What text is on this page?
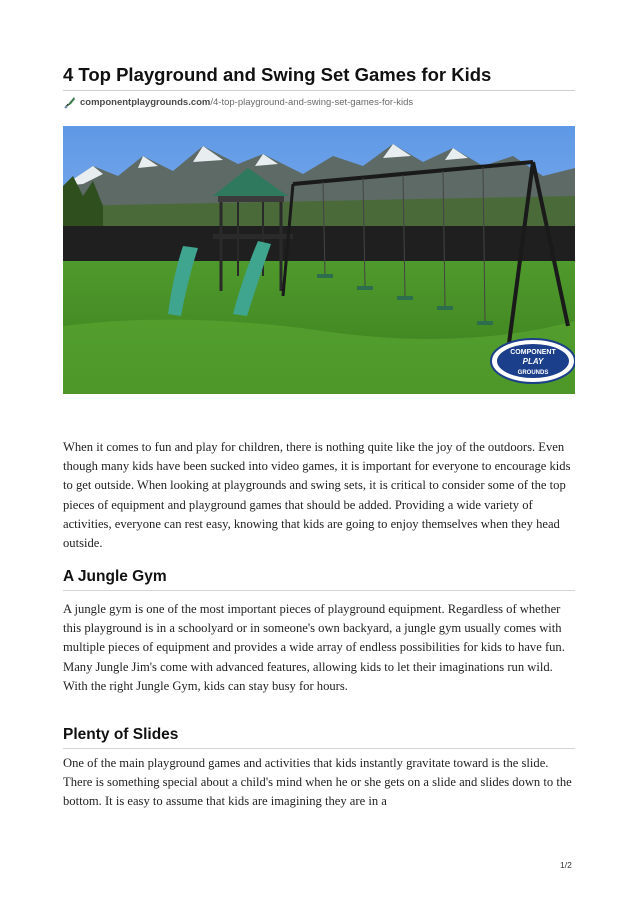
4 Top Playground and Swing Set Games for Kids
componentplaygrounds.com /4-top-playground-and-swing-set-games-for-kids
COMPONENT
PLAY
GROUNDS
When it comes to fun and play for children, there is nothing quite like the joy of the outdoors. Even though many kids have been sucked into video games, it is important for everyone to encourage kids to get outside. When looking at playgrounds and swing sets, it is critical to consider some of the top pieces of equipment and playground games that should be added. Providing a wide variety of activities, everyone can rest easy, knowing that kids are going to enjoy themselves when they head outside.
A Jungle Gym
A jungle gym is one of the most important pieces of playground equipment. Regardless of whether this playground is in a schoolyard or in someone's own backyard, a jungle gym usually comes with multiple pieces of equipment and provides a wide array of endless possibilities for kids to have fun. Many Jungle Jim's come with advanced features, allowing kids to let their imaginations run wild. With the right Jungle Gym, kids can stay busy for hours.
Plenty of Slides
One of the main playground games and activities that kids instantly gravitate toward is the slide. There is something special about a child's mind when he or she gets on a slide and slides down to the bottom. It is easy to assume that kids are imagining they are in a
1/2
